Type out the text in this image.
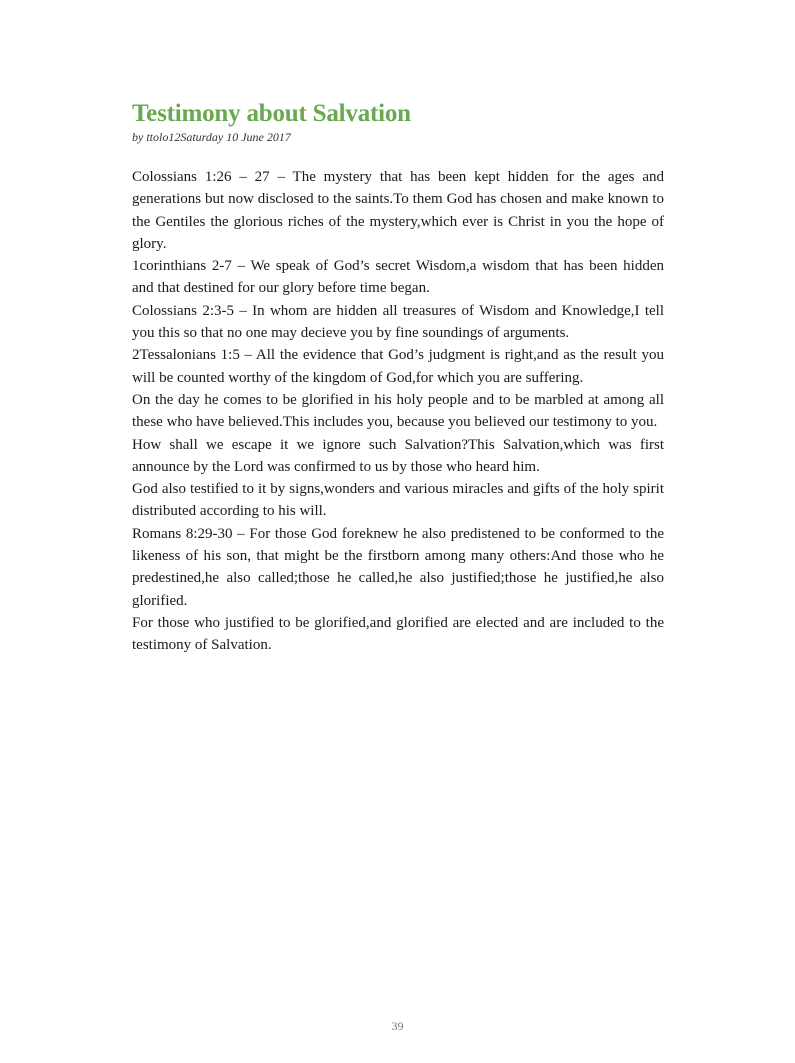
Testimony about Salvation
by ttolo12Saturday 10 June 2017

Colossians 1:26 – 27 – The mystery that has been kept hidden for the ages and generations but now disclosed to the saints.To them God has chosen and make known to the Gentiles the glorious riches of the mystery,which ever is Christ in you the hope of glory.

1corinthians 2-7 – We speak of God’s secret Wisdom,a wisdom that has been hidden and that destined for our glory before time began.

Colossians 2:3-5 – In whom are hidden all treasures of Wisdom and Knowledge,I tell you this so that no one may decieve you by fine soundings of arguments.

2Tessalonians 1:5 – All the evidence that God’s judgment is right,and as the result you will be counted worthy of the kingdom of God,for which you are suffering.

On the day he comes to be glorified in his holy people and to be marbled at among all these who have believed.This includes you, because you believed our testimony to you.

How shall we escape it we ignore such Salvation?This Salvation,which was first announce by the Lord was confirmed to us by those who heard him.

God also testified to it by signs,wonders and various miracles and gifts of the holy spirit distributed according to his will.

Romans 8:29-30 – For those God foreknew he also predistened to be conformed to the likeness of his son, that might be the firstborn among many others:And those who he predestined,he also called;those he called,he also justified;those he justified,he also glorified.

For those who justified to be glorified,and glorified are elected and are included to the testimony of Salvation.

39
